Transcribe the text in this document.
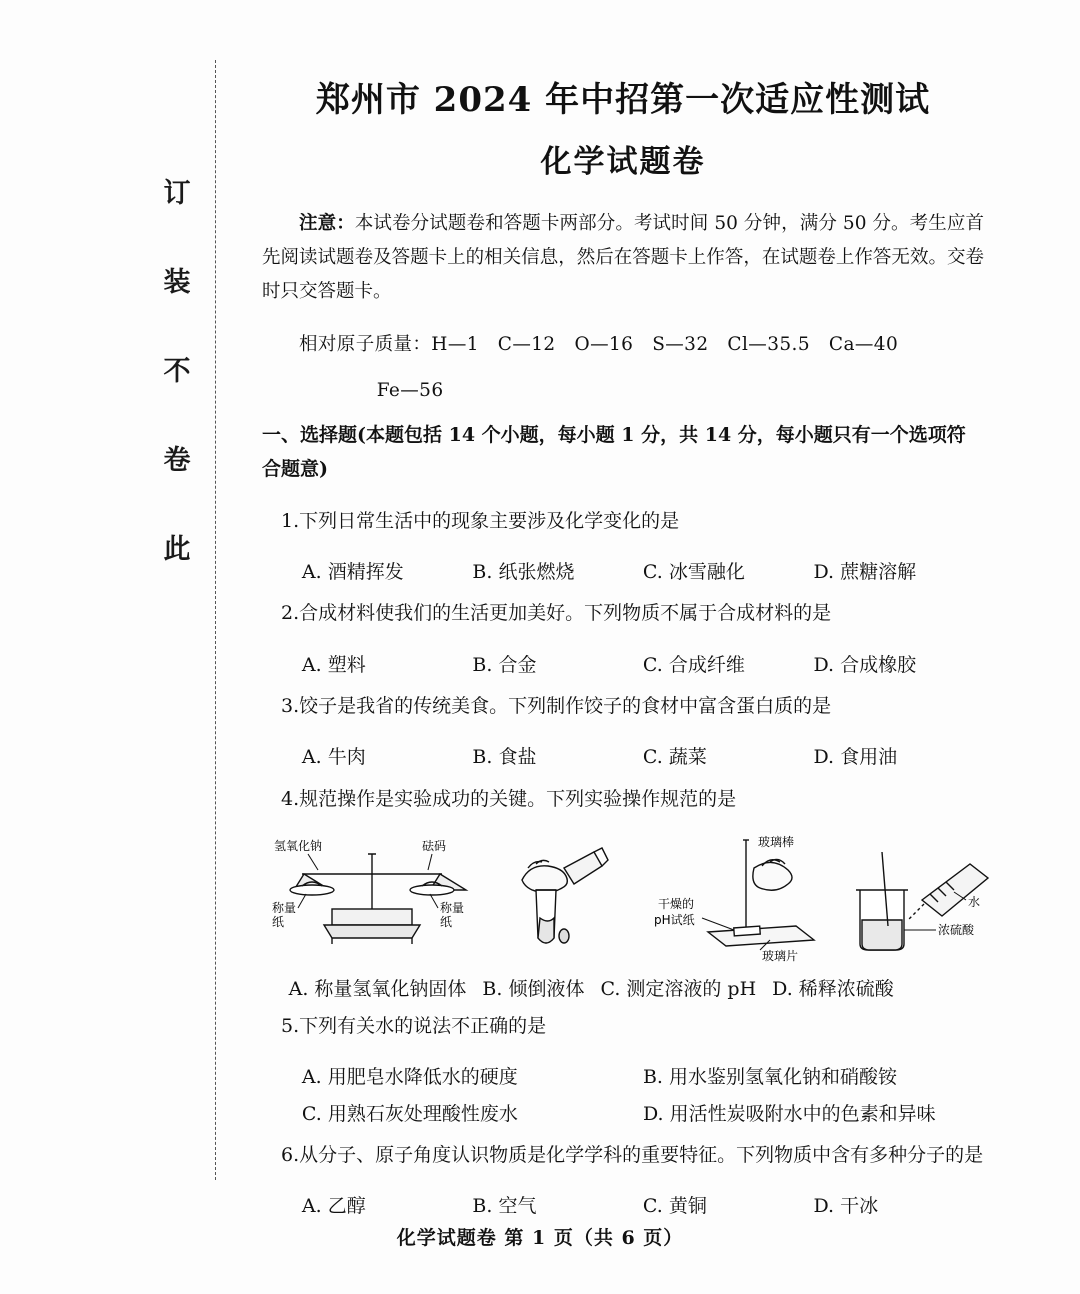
订
装
不
卷
此
郑州市 2024 年中招第一次适应性测试
化学试题卷

注意：本试卷分试题卷和答题卡两部分。考试时间 50 分钟，满分 50 分。考生应首先阅读试题卷及答题卡上的相关信息，然后在答题卡上作答，在试题卷上作答无效。交卷时只交答题卡。

相对原子质量：H—1　C—12　O—16　S—32　Cl—35.5　Ca—40

Fe—56

一、选择题(本题包括 14 个小题，每小题 1 分，共 14 分，每小题只有一个选项符合题意)

1.下列日常生活中的现象主要涉及化学变化的是

A. 酒精挥发	B. 纸张燃烧	C. 冰雪融化	D. 蔗糖溶解

2.合成材料使我们的生活更加美好。下列物质不属于合成材料的是

A. 塑料	B. 合金	C. 合成纤维	D. 合成橡胶

3.饺子是我省的传统美食。下列制作饺子的食材中富含蛋白质的是

A. 牛肉	B. 食盐	C. 蔬菜	D. 食用油

4.规范操作是实验成功的关键。下列实验操作规范的是

氢氧化钠	砝码
称量
纸
称量
纸
干燥的
pH试纸
玻璃棒
玻璃片
水
浓硫酸
A. 称量氢氧化钠固体 B. 倾倒液体 C. 测定溶液的 pH D. 稀释浓硫酸

5.下列有关水的说法不正确的是

A. 用肥皂水降低水的硬度	B. 用水鉴别氢氧化钠和硝酸铵
C. 用熟石灰处理酸性废水	D. 用活性炭吸附水中的色素和异味

6.从分子、原子角度认识物质是化学学科的重要特征。下列物质中含有多种分子的是

A. 乙醇	B. 空气	C. 黄铜	D. 干冰
化学试题卷 第 1 页（共 6 页）
